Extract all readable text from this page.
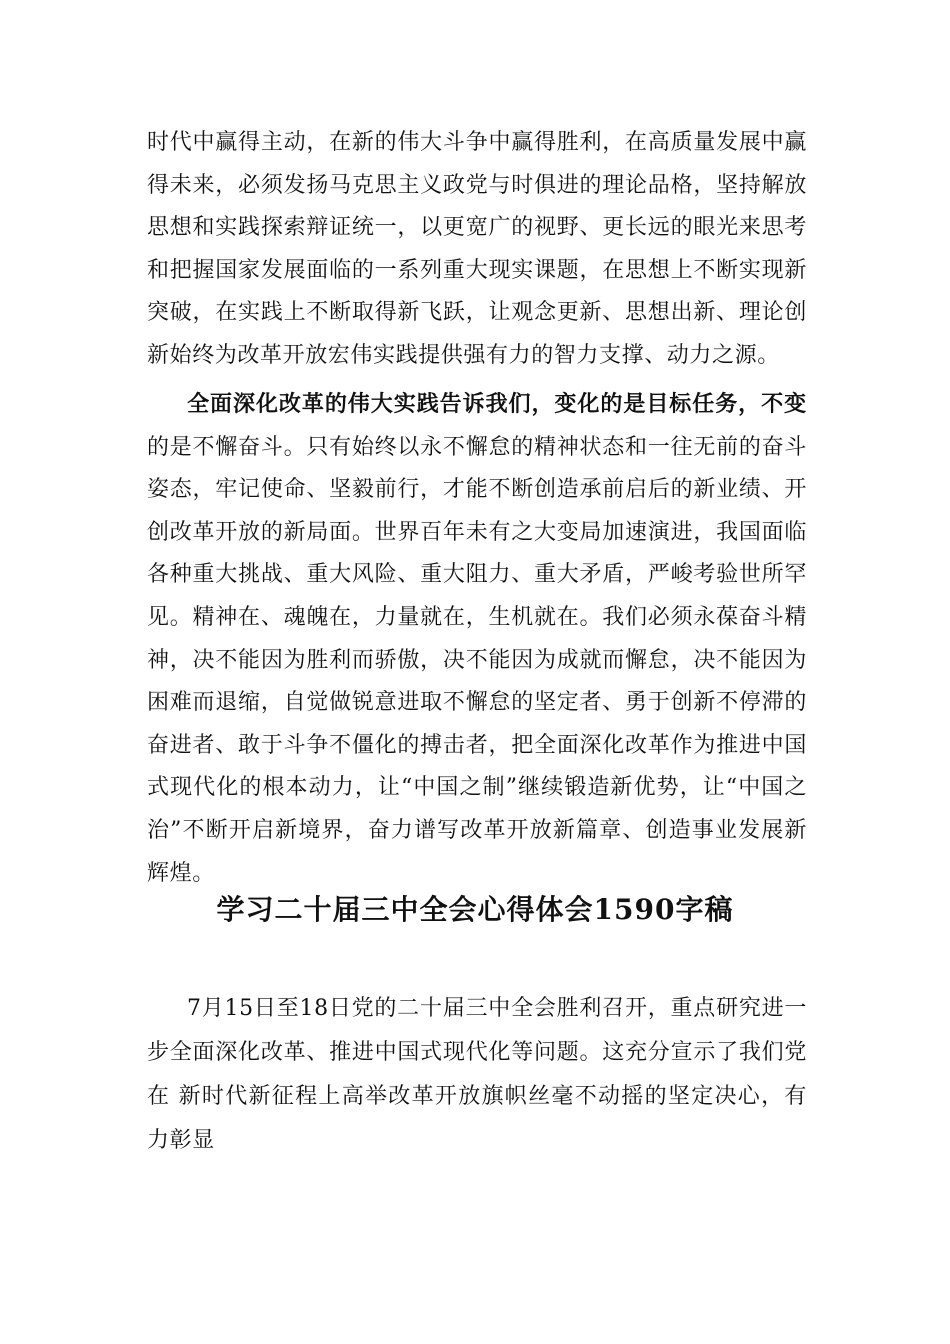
时代中赢得主动，在新的伟大斗争中赢得胜利，在高质量发展中赢得未来，必须发扬马克思主义政党与时俱进的理论品格，坚持解放思想和实践探索辩证统一，以更宽广的视野、更长远的眼光来思考和把握国家发展面临的一系列重大现实课题，在思想上不断实现新突破，在实践上不断取得新飞跃，让观念更新、思想出新、理论创新始终为改革开放宏伟实践提供强有力的智力支撑、动力之源。

全面深化改革的伟大实践告诉我们，变化的是目标任务，不变的是不懈奋斗。只有始终以永不懈怠的精神状态和一往无前的奋斗姿态，牢记使命、坚毅前行，才能不断创造承前启后的新业绩、开创改革开放的新局面。世界百年未有之大变局加速演进，我国面临各种重大挑战、重大风险、重大阻力、重大矛盾，严峻考验世所罕见。精神在、魂魄在，力量就在，生机就在。我们必须永葆奋斗精神，决不能因为胜利而骄傲，决不能因为成就而懈怠，决不能因为困难而退缩，自觉做锐意进取不懈怠的坚定者、勇于创新不停滞的奋进者、敢于斗争不僵化的搏击者，把全面深化改革作为推进中国式现代化的根本动力，让“中国之制”继续锻造新优势，让“中国之治”不断开启新境界，奋力谱写改革开放新篇章、创造事业发展新辉煌。

学习二十届三中全会心得体会1590字稿

7月15日至18日党的二十届三中全会胜利召开，重点研究进一 步全面深化改革、推进中国式现代化等问题。这充分宣示了我们党在 新时代新征程上高举改革开放旗帜丝毫不动摇的坚定决心，有力彰显
